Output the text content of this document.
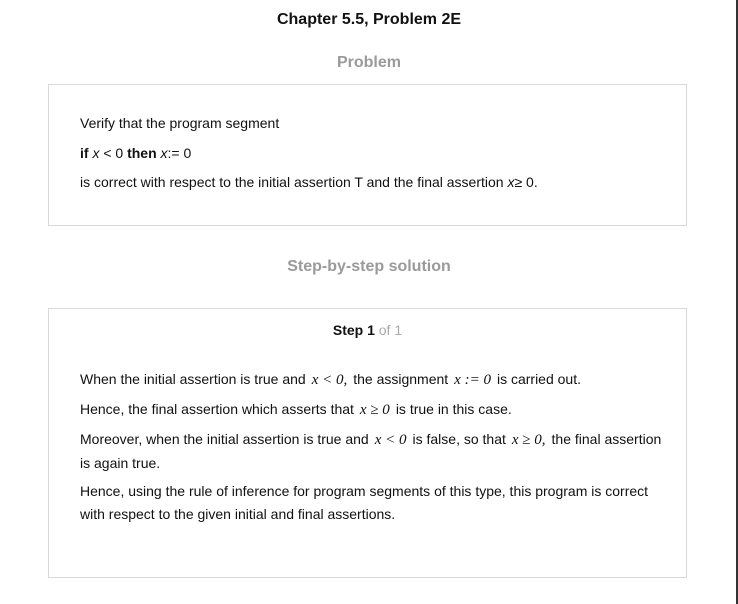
Chapter 5.5, Problem 2E
Problem
Verify that the program segment
if x < 0 then x:= 0
is correct with respect to the initial assertion T and the final assertion x≥ 0.
Step-by-step solution
Step 1 of 1
When the initial assertion is true and x < 0, the assignment x := 0 is carried out.
Hence, the final assertion which asserts that x ≥ 0 is true in this case.
Moreover, when the initial assertion is true and x < 0 is false, so that x ≥ 0, the final assertion is again true.
Hence, using the rule of inference for program segments of this type, this program is correct with respect to the given initial and final assertions.
